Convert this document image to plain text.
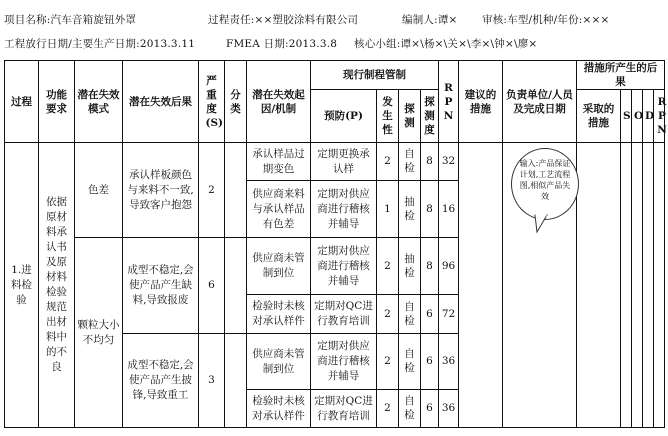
项目名称:汽车音箱旋钮外罩	过程责任:××塑胶涂料有限公司	编制人:谭× 审核:车型/机种/年份:×××
工程放行日期/主要生产日期:2013.3.11	FMEA 日期:2013.3.8 核心小组:谭×\杨×\关×\李×\钟×\廖×
过程	功能要求	潜在失效模式	潜在失效后果	严重度(S)	分类	潜在失效起因/机制	现行制程管制				RPN	建议的措施	负责单位/人员及完成日期	措施所产生的后果				
							预防(P)	发生性	探测	探测度				采取的措施	S	O	D	RPN

1.进料检验	依据原材料承认书及原材料检验规范出材料中的不良	色差	承认样板颜色与来料不一致,导致客户抱怨	2		承认样品过期变色	定期更换承认样	2	自检	8	32							
						供应商来料与承认样品有色差	定期对供应商进行稽核并辅导	1	抽检	8	16							
		颗粒大小不均匀	成型不稳定,会使产品产生缺料,导致报废	6		供应商未管制到位	定期对供应商进行稽核并辅导	2	抽检	8	96							
						检验时未核对承认样件	定期对QC进行教育培训	2	自检	6	72							
			成型不稳定,会使产品产生披锋,导致重工	3		供应商未管制到位	定期对供应商进行稽核并辅导	2	自检	6	36							
						检验时未核对承认样件	定期对QC进行教育培训	2	自检	6	36							
输入:产品保证计划,工艺流程图,相似产品失效
